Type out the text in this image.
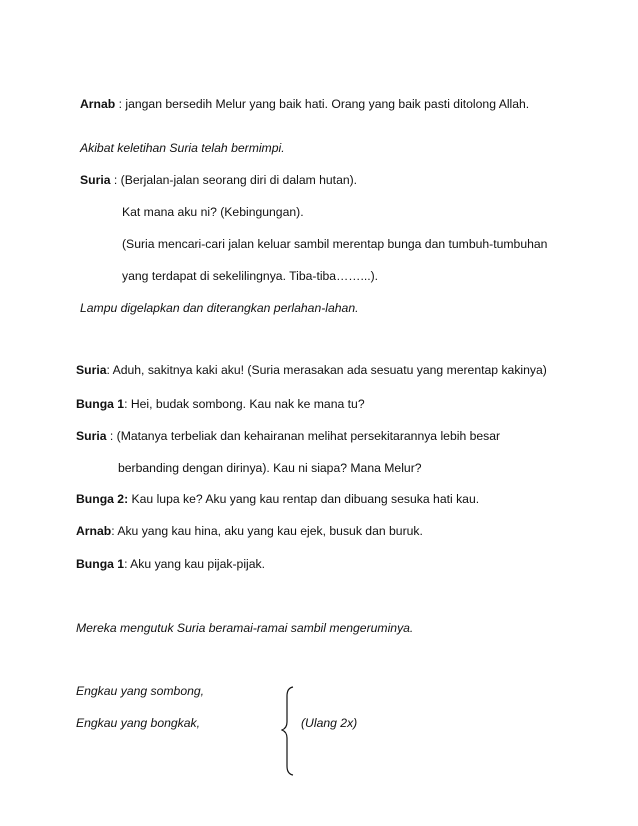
Arnab : jangan bersedih Melur yang baik hati. Orang yang baik pasti ditolong Allah.
Akibat keletihan Suria telah bermimpi.
Suria : (Berjalan-jalan seorang diri di dalam hutan).
Kat mana aku ni? (Kebingungan).
(Suria mencari-cari jalan keluar sambil merentap bunga dan tumbuh-tumbuhan
yang terdapat di sekelilingnya. Tiba-tiba……...).
Lampu digelapkan dan diterangkan perlahan-lahan.
Suria: Aduh, sakitnya kaki aku! (Suria merasakan ada sesuatu yang merentap kakinya)
Bunga 1: Hei, budak sombong. Kau nak ke mana tu?
Suria : (Matanya terbeliak dan kehairanan melihat persekitarannya lebih besar
berbanding dengan dirinya). Kau ni siapa? Mana Melur?
Bunga 2: Kau lupa ke? Aku yang kau rentap dan dibuang sesuka hati kau.
Arnab: Aku yang kau hina, aku yang kau ejek, busuk dan buruk.
Bunga 1: Aku yang kau pijak-pijak.
Mereka mengutuk Suria beramai-ramai sambil mengeruminya.
Engkau yang sombong,
Engkau yang bongkak,	(Ulang 2x)
